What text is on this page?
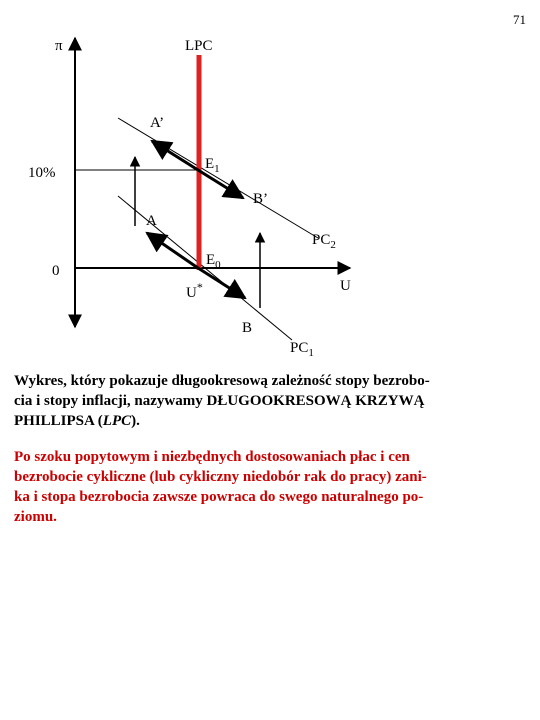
71
π
U
0
10%
LPC
A’
B’
A
B
$E_1$
$E_0$
U*
$PC_2$
$PC_1$
Wykres, który pokazuje długookresową zależność stopy bezrobo-
cia i stopy inflacji, nazywamy DŁUGOOKRESOWĄ KRZYWĄ
PHILLIPSA (LPC).
Po szoku popytowym i niezbędnych dostosowaniach płac i cen
bezrobocie cykliczne (lub cykliczny niedobór rak do pracy) zani-
ka i stopa bezrobocia zawsze powraca do swego naturalnego po-
ziomu.
